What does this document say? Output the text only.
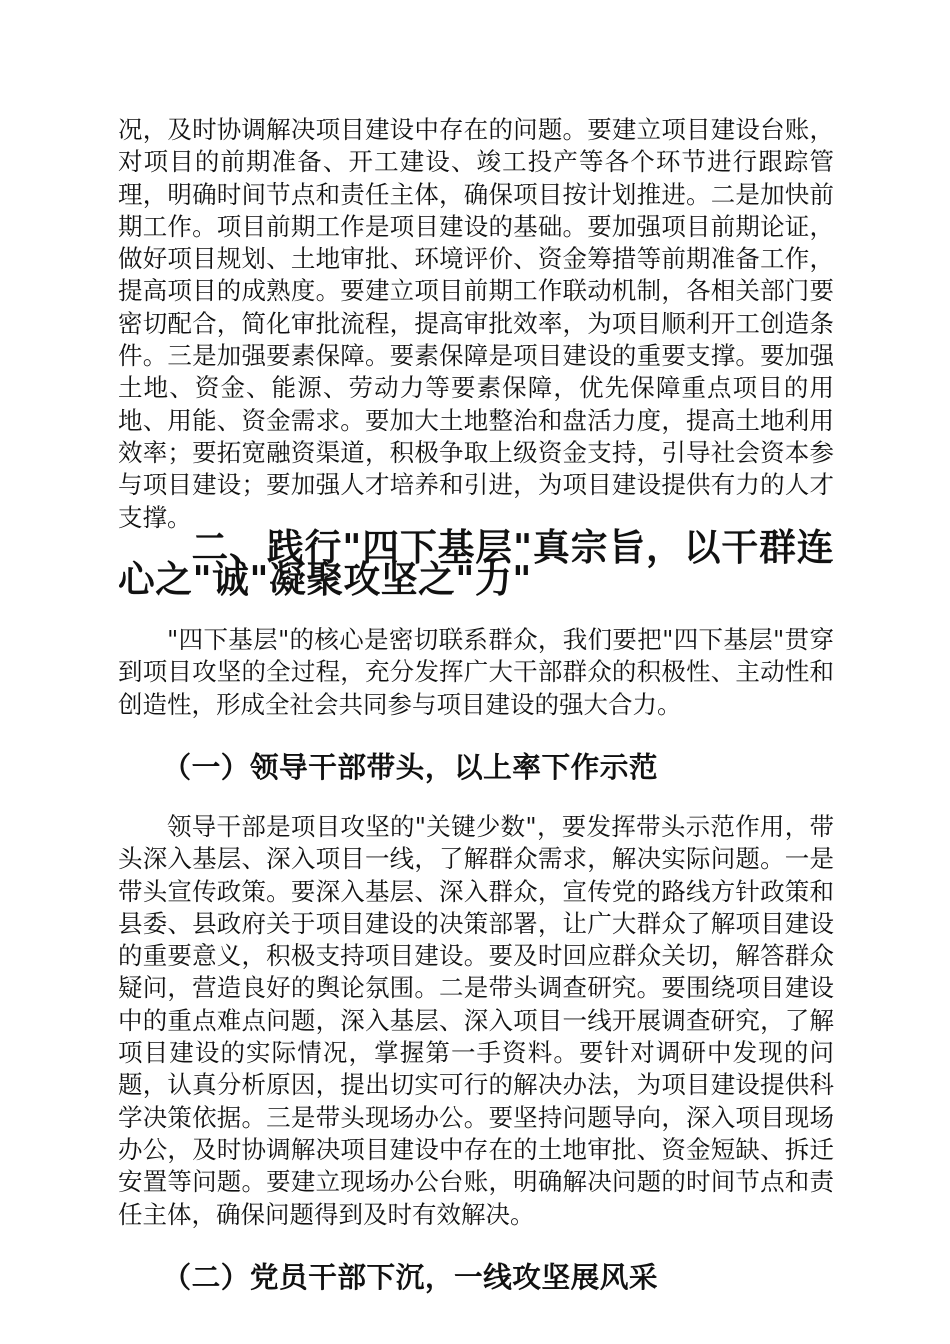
况，及时协调解决项目建设中存在的问题。要建立项目建设台账，对项目的前期准备、开工建设、竣工投产等各个环节进行跟踪管理，明确时间节点和责任主体，确保项目按计划推进。二是加快前期工作。项目前期工作是项目建设的基础。要加强项目前期论证，做好项目规划、土地审批、环境评价、资金筹措等前期准备工作，提高项目的成熟度。要建立项目前期工作联动机制，各相关部门要密切配合，简化审批流程，提高审批效率，为项目顺利开工创造条件。三是加强要素保障。要素保障是项目建设的重要支撑。要加强土地、资金、能源、劳动力等要素保障，优先保障重点项目的用地、用能、资金需求。要加大土地整治和盘活力度，提高土地利用效率；要拓宽融资渠道，积极争取上级资金支持，引导社会资本参与项目建设；要加强人才培养和引进，为项目建设提供有力的人才支撑。

二、践行"四下基层"真宗旨，以干群连心之"诚"凝聚攻坚之"力"

"四下基层"的核心是密切联系群众，我们要把"四下基层"贯穿到项目攻坚的全过程，充分发挥广大干部群众的积极性、主动性和创造性，形成全社会共同参与项目建设的强大合力。

（一）领导干部带头，以上率下作示范

领导干部是项目攻坚的"关键少数"，要发挥带头示范作用，带头深入基层、深入项目一线，了解群众需求，解决实际问题。一是带头宣传政策。要深入基层、深入群众，宣传党的路线方针政策和县委、县政府关于项目建设的决策部署，让广大群众了解项目建设的重要意义，积极支持项目建设。要及时回应群众关切，解答群众疑问，营造良好的舆论氛围。二是带头调查研究。要围绕项目建设中的重点难点问题，深入基层、深入项目一线开展调查研究，了解项目建设的实际情况，掌握第一手资料。要针对调研中发现的问题，认真分析原因，提出切实可行的解决办法，为项目建设提供科学决策依据。三是带头现场办公。要坚持问题导向，深入项目现场办公，及时协调解决项目建设中存在的土地审批、资金短缺、拆迁安置等问题。要建立现场办公台账，明确解决问题的时间节点和责任主体，确保问题得到及时有效解决。

（二）党员干部下沉，一线攻坚展风采
